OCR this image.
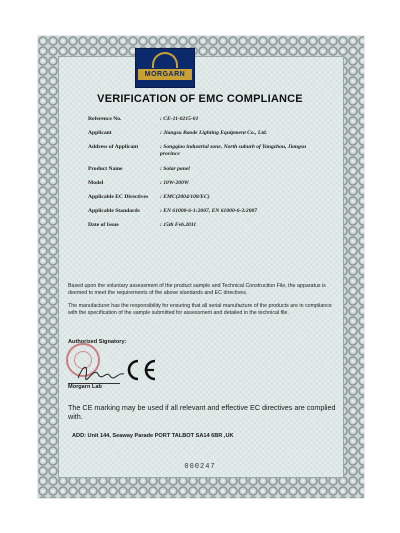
MORGARN
VERIFICATION OF EMC COMPLIANCE
Reference No.	: CE-11-0215-01
Applicant	: Jiangsu Baode Lighting Equipment Co., Ltd.
Address of Applicant	: Songqiao industrial zone, North suburb of Yangzhou, Jiangsu province
Product Name	: Solar panel
Model	: 10W-200W
Applicable EC Directives : EMC(2004/108/EC)
Applicable Standards	: EN 61000-6-1:2007, EN 61000-6-3:2007
Date of Issue	: 15th Feb.2011
Based upon the voluntary assessment of the product sample and Technical Construction File, the apparatus is deemed to meet the requirements of the above standards and EC directives.
The manufacturer has the responsibility for ensuring that all serial manufacture of the products are in compliance with the specification of the sample submitted for assessment and detailed in the technical file.
Authorized Signatory:
Morgarn Lab
The CE marking may be used if all relevant and effective EC directives are complied with.
ADD: Unit 144, Seaway Parade PORT TALBOT SA14 6BR ,UK
000247
